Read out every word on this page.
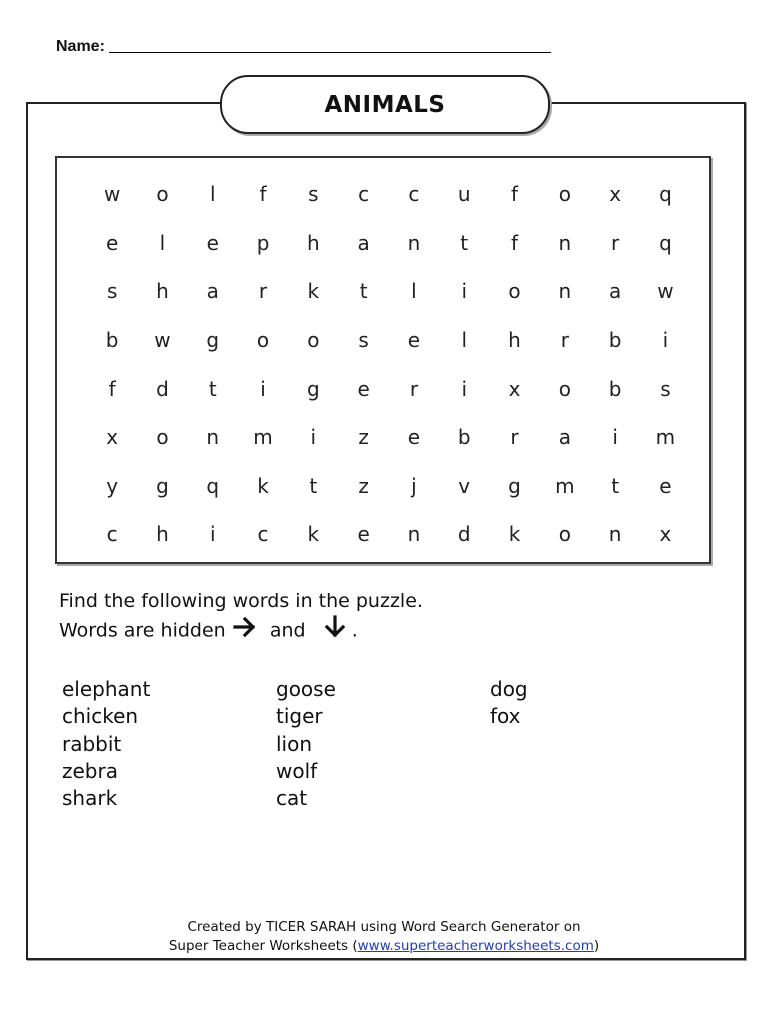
Name:
ANIMALS
w	o	l	f	s	c	c	u	f	o	x	q
e	l	e	p	h	a	n	t	f	n	r	q
s	h	a	r	k	t	l	i	o	n	a	w
b	w	g	o	o	s	e	l	h	r	b	i
f	d	t	i	g	e	r	i	x	o	b	s
x	o	n	m	i	z	e	b	r	a	i	m
y	g	q	k	t	z	j	v	g	m	t	e
c	h	i	c	k	e	n	d	k	o	n	x
Find the following words in the puzzle.
Words are hidden and .
elephant
chicken
rabbit
zebra
shark
goose
tiger
lion
wolf
cat
dog
fox
Created by TICER SARAH using Word Search Generator on
Super Teacher Worksheets (www.superteacherworksheets.com)
